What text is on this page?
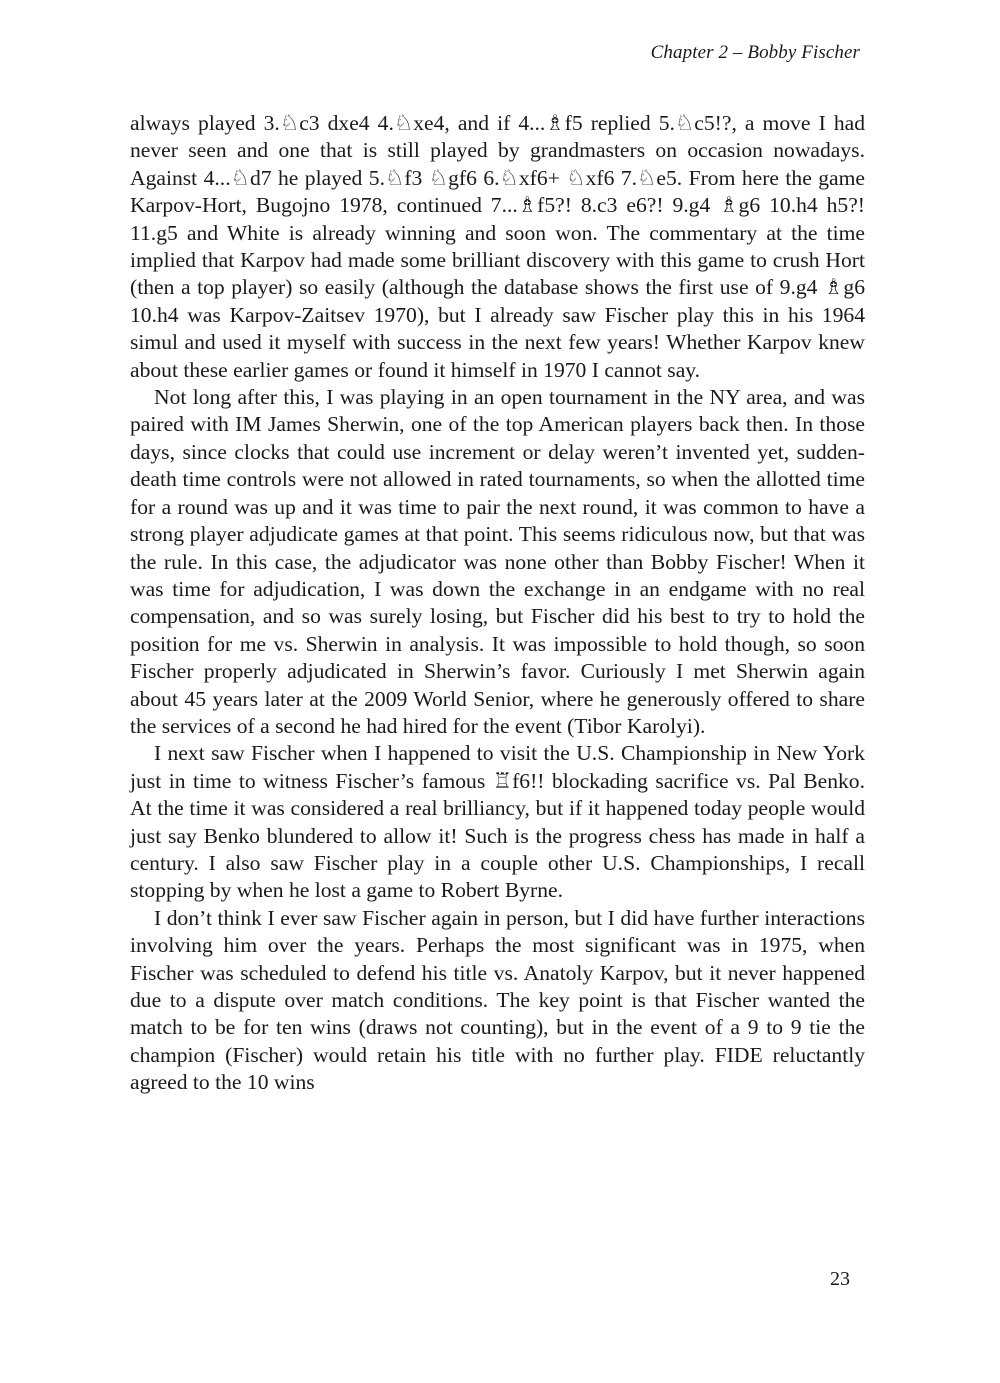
Chapter 2 – Bobby Fischer

always played 3.♘c3 dxe4 4.♘xe4, and if 4...♗f5 replied 5.♘c5!?, a move I had never seen and one that is still played by grandmasters on occasion nowadays. Against 4...♘d7 he played 5.♘f3 ♘gf6 6.♘xf6+ ♘xf6 7.♘e5. From here the game Karpov-Hort, Bugojno 1978, continued 7...♗f5?! 8.c3 e6?! 9.g4 ♗g6 10.h4 h5?! 11.g5 and White is already winning and soon won. The commentary at the time implied that Karpov had made some brilliant discovery with this game to crush Hort (then a top player) so easily (although the database shows the first use of 9.g4 ♗g6 10.h4 was Karpov-Zaitsev 1970), but I already saw Fischer play this in his 1964 simul and used it myself with success in the next few years! Whether Karpov knew about these earlier games or found it himself in 1970 I cannot say.

Not long after this, I was playing in an open tournament in the NY area, and was paired with IM James Sherwin, one of the top American players back then. In those days, since clocks that could use increment or delay weren’t invented yet, sudden-death time controls were not allowed in rated tournaments, so when the allotted time for a round was up and it was time to pair the next round, it was common to have a strong player adjudicate games at that point. This seems ridiculous now, but that was the rule. In this case, the adjudicator was none other than Bobby Fischer! When it was time for adjudication, I was down the exchange in an endgame with no real compensation, and so was surely losing, but Fischer did his best to try to hold the position for me vs. Sherwin in analysis. It was impossible to hold though, so soon Fischer properly adjudicated in Sherwin’s favor. Curiously I met Sherwin again about 45 years later at the 2009 World Senior, where he generously offered to share the services of a second he had hired for the event (Tibor Karolyi).

I next saw Fischer when I happened to visit the U.S. Championship in New York just in time to witness Fischer’s famous ♖f6!! blockading sacrifice vs. Pal Benko. At the time it was considered a real brilliancy, but if it happened today people would just say Benko blundered to allow it! Such is the progress chess has made in half a century. I also saw Fischer play in a couple other U.S. Championships, I recall stopping by when he lost a game to Robert Byrne.

I don’t think I ever saw Fischer again in person, but I did have further interactions involving him over the years. Perhaps the most significant was in 1975, when Fischer was scheduled to defend his title vs. Anatoly Karpov, but it never happened due to a dispute over match conditions. The key point is that Fischer wanted the match to be for ten wins (draws not counting), but in the event of a 9 to 9 tie the champion (Fischer) would retain his title with no further play. FIDE reluctantly agreed to the 10 wins

23
